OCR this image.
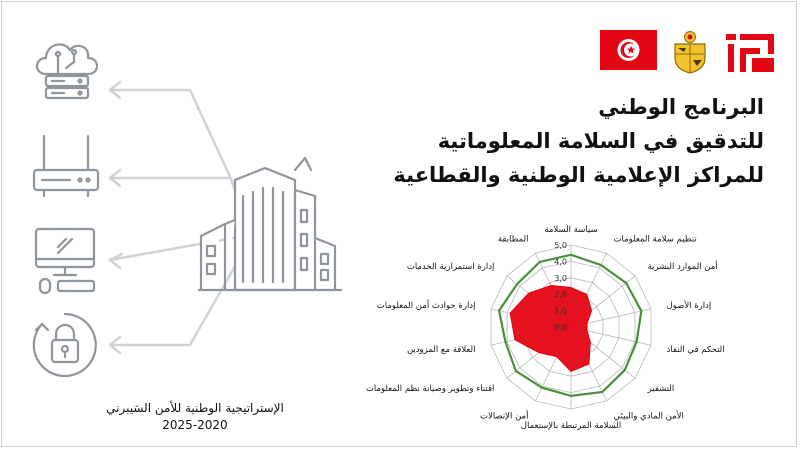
الإستراتيجية الوطنية للأمن السَيبرني

2025-2020
البرنامج الوطني
للتدقيق في السلامة المعلوماتية
للمراكز الإعلامية الوطنية والقطاعية
0,0
1,0
2,0
3,0
4,0
5,0
سياسة السلامة
تنظيم سلامة المعلومات
أمن الموارد البشرية
إدارة الأصول
التحكم في النفاذ
التشفير
الأمن المادي والبيئي
السلامة المرتبطة بالإستعمال
أمن الإتصالات
اقتناء وتطوير وصيانة نظم المعلومات
العلاقة مع المزودين
إدارة حوادث أمن المعلومات
إدارة استمرارية الخدمات
المطابقة
